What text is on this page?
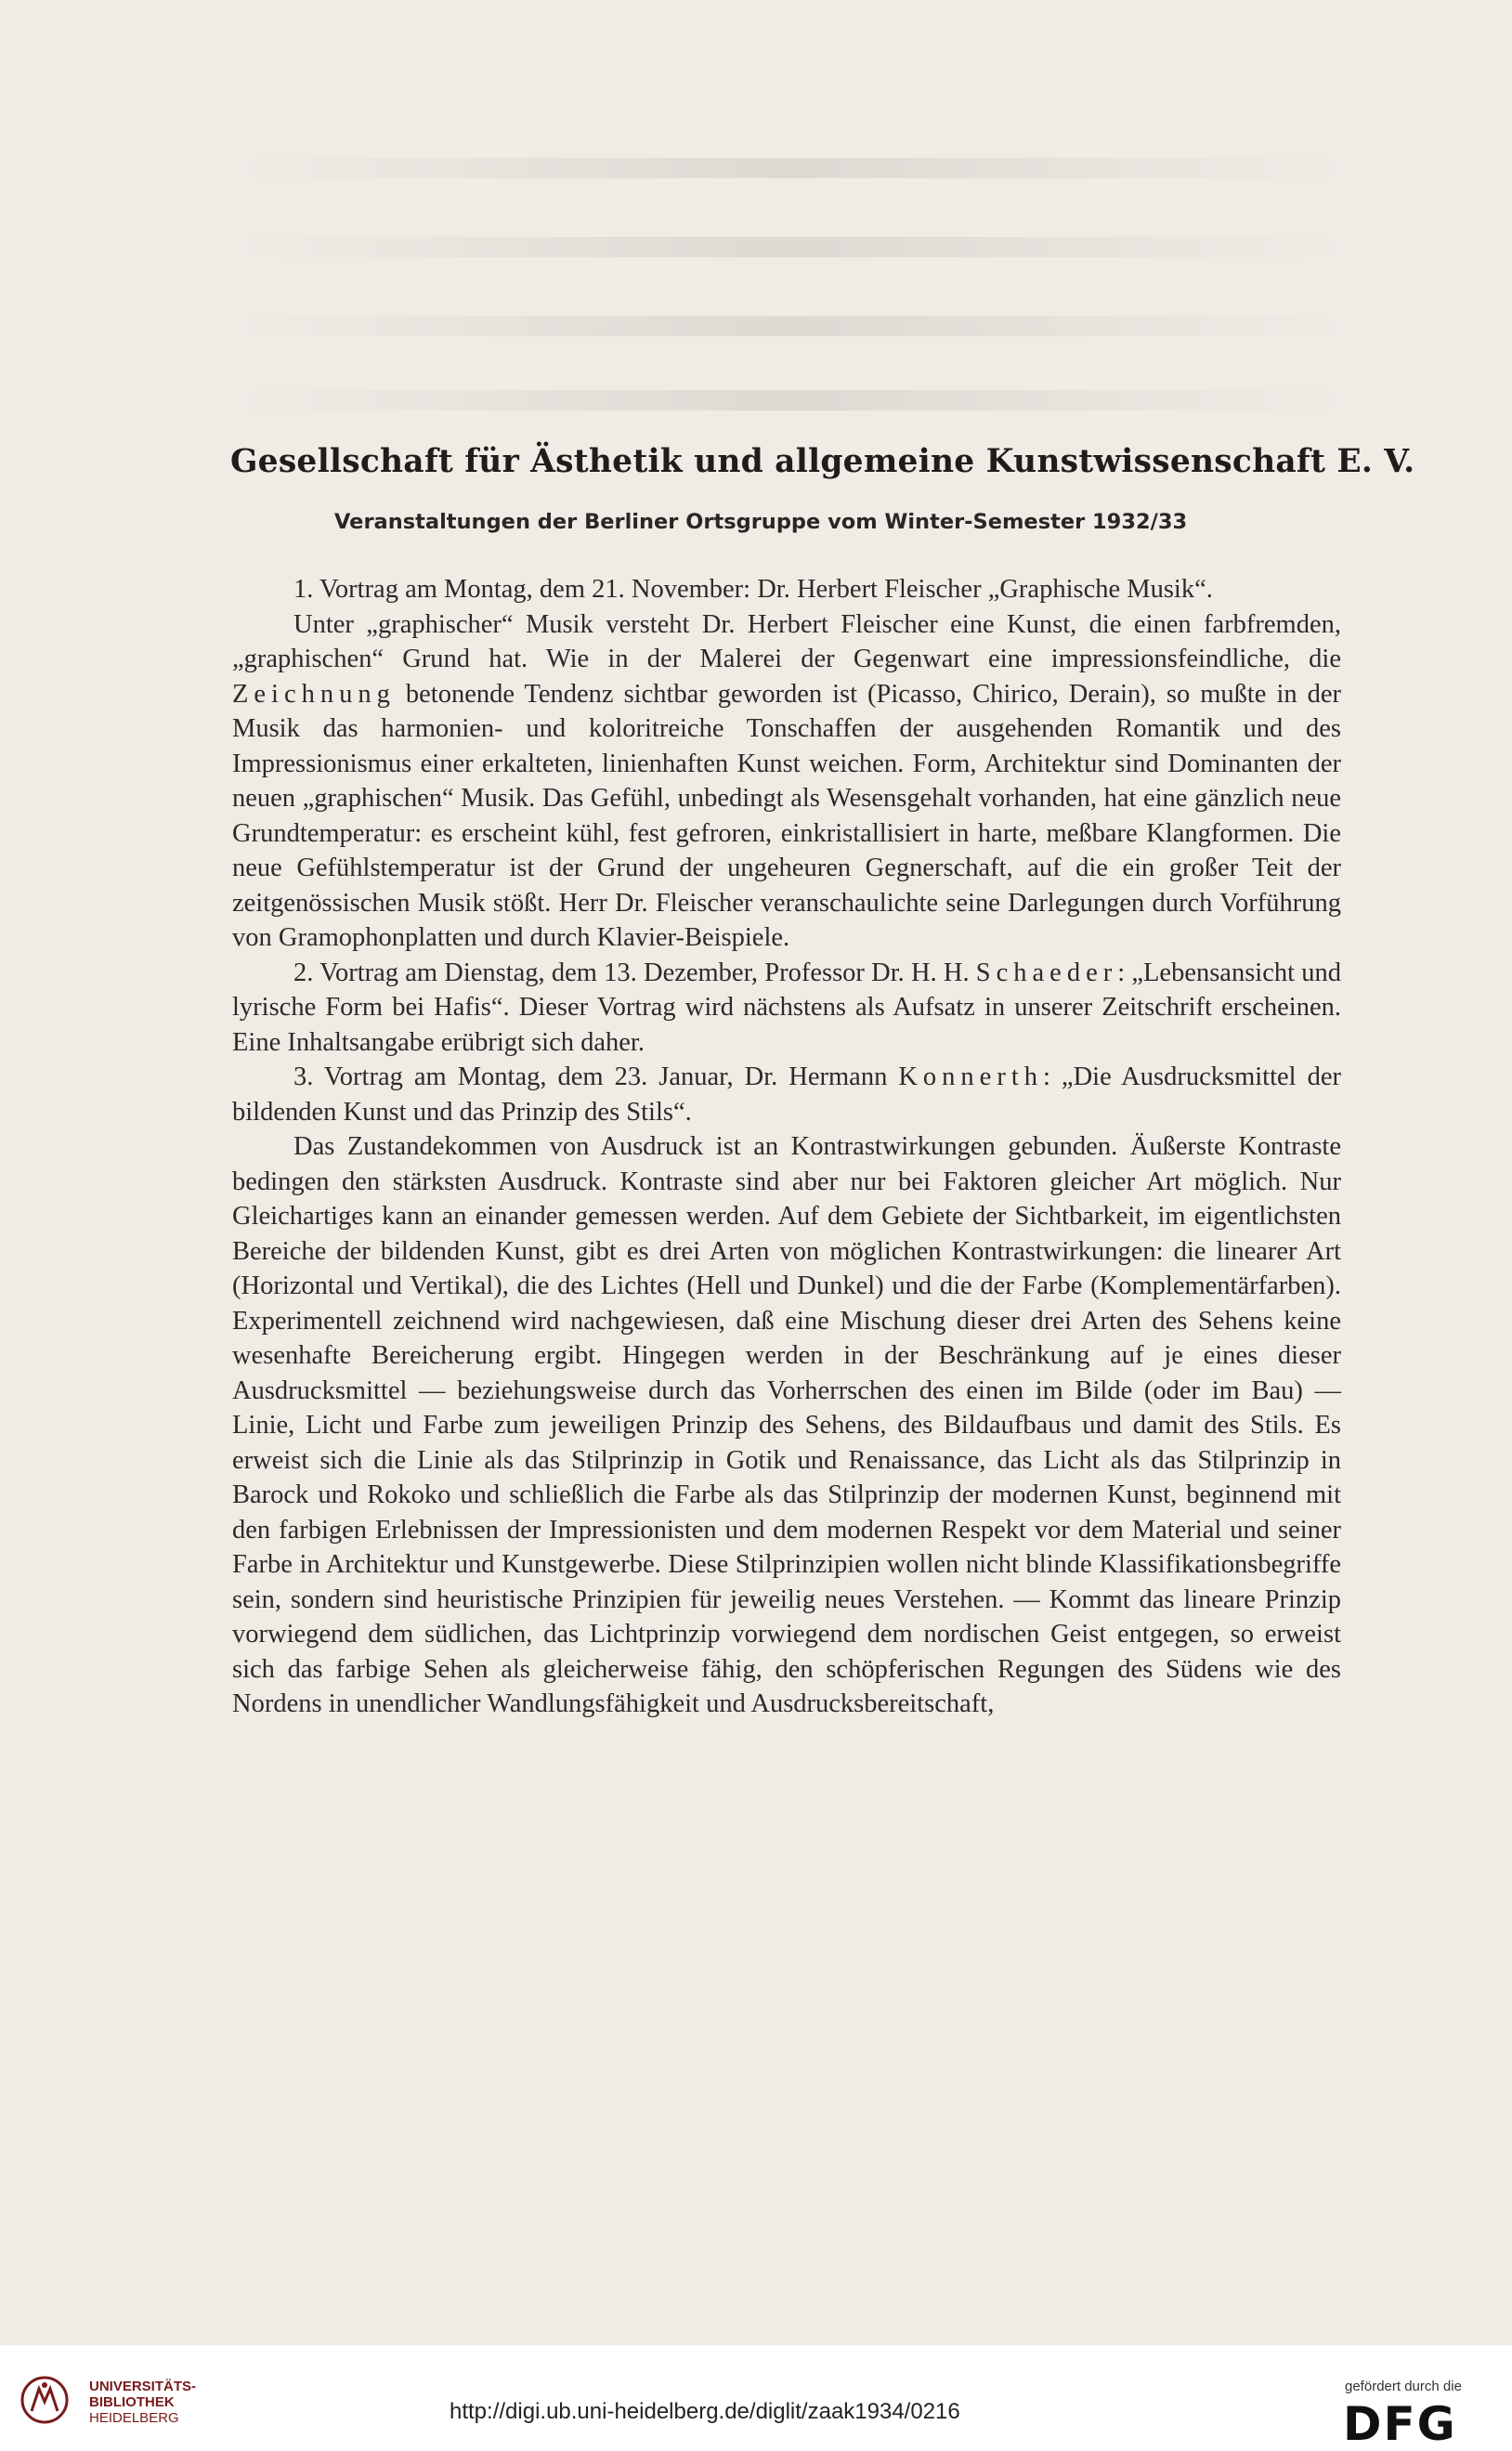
Gesellschaft für Ästhetik und allgemeine Kunstwissenschaft E. V.
Veranstaltungen der Berliner Ortsgruppe vom Winter-Semester 1932/33

1. Vortrag am Montag, dem 21. November: Dr. Herbert Fleischer „Graphische Musik“.

Unter „graphischer“ Musik versteht Dr. Herbert Fleischer eine Kunst, die einen farbfremden, „graphischen“ Grund hat. Wie in der Malerei der Gegenwart eine impressionsfeindliche, die Zeichnung betonende Tendenz sichtbar geworden ist (Picasso, Chirico, Derain), so mußte in der Musik das harmonien- und koloritreiche Tonschaffen der ausgehenden Romantik und des Impressionismus einer erkalteten, linienhaften Kunst weichen. Form, Architektur sind Dominanten der neuen „graphischen“ Musik. Das Gefühl, unbedingt als Wesensgehalt vorhanden, hat eine gänzlich neue Grundtemperatur: es erscheint kühl, fest gefroren, einkristallisiert in harte, meßbare Klangformen. Die neue Gefühlstemperatur ist der Grund der ungeheuren Gegnerschaft, auf die ein großer Teit der zeitgenössischen Musik stößt. Herr Dr. Fleischer veranschaulichte seine Darlegungen durch Vorführung von Gramophonplatten und durch Klavier-Beispiele.

2. Vortrag am Dienstag, dem 13. Dezember, Professor Dr. H. H. Schaeder: „Lebensansicht und lyrische Form bei Hafis“. Dieser Vortrag wird nächstens als Aufsatz in unserer Zeitschrift erscheinen. Eine Inhaltsangabe erübrigt sich daher.

3. Vortrag am Montag, dem 23. Januar, Dr. Hermann Konnerth: „Die Ausdrucksmittel der bildenden Kunst und das Prinzip des Stils“.

Das Zustandekommen von Ausdruck ist an Kontrastwirkungen gebunden. Äußerste Kontraste bedingen den stärksten Ausdruck. Kontraste sind aber nur bei Faktoren gleicher Art möglich. Nur Gleichartiges kann an einander gemessen werden. Auf dem Gebiete der Sichtbarkeit, im eigentlichsten Bereiche der bildenden Kunst, gibt es drei Arten von möglichen Kontrastwirkungen: die linearer Art (Horizontal und Vertikal), die des Lichtes (Hell und Dunkel) und die der Farbe (Komplementärfarben). Experimentell zeichnend wird nachgewiesen, daß eine Mischung dieser drei Arten des Sehens keine wesenhafte Bereicherung ergibt. Hingegen werden in der Beschränkung auf je eines dieser Ausdrucksmittel — beziehungsweise durch das Vorherrschen des einen im Bilde (oder im Bau) — Linie, Licht und Farbe zum jeweiligen Prinzip des Sehens, des Bildaufbaus und damit des Stils. Es erweist sich die Linie als das Stilprinzip in Gotik und Renaissance, das Licht als das Stilprinzip in Barock und Rokoko und schließlich die Farbe als das Stilprinzip der modernen Kunst, beginnend mit den farbigen Erlebnissen der Impressionisten und dem modernen Respekt vor dem Material und seiner Farbe in Architektur und Kunstgewerbe. Diese Stilprinzipien wollen nicht blinde Klassifikationsbegriffe sein, sondern sind heuristische Prinzipien für jeweilig neues Verstehen. — Kommt das lineare Prinzip vorwiegend dem südlichen, das Lichtprinzip vorwiegend dem nordischen Geist entgegen, so erweist sich das farbige Sehen als gleicherweise fähig, den schöpferischen Regungen des Südens wie des Nordens in unendlicher Wandlungsfähigkeit und Ausdrucksbereitschaft,

UNIVERSITÄTS-
BIBLIOTHEK
HEIDELBERG	http://digi.ub.uni-heidelberg.de/diglit/zaak1934/0216
gefördert durch die
DFG
